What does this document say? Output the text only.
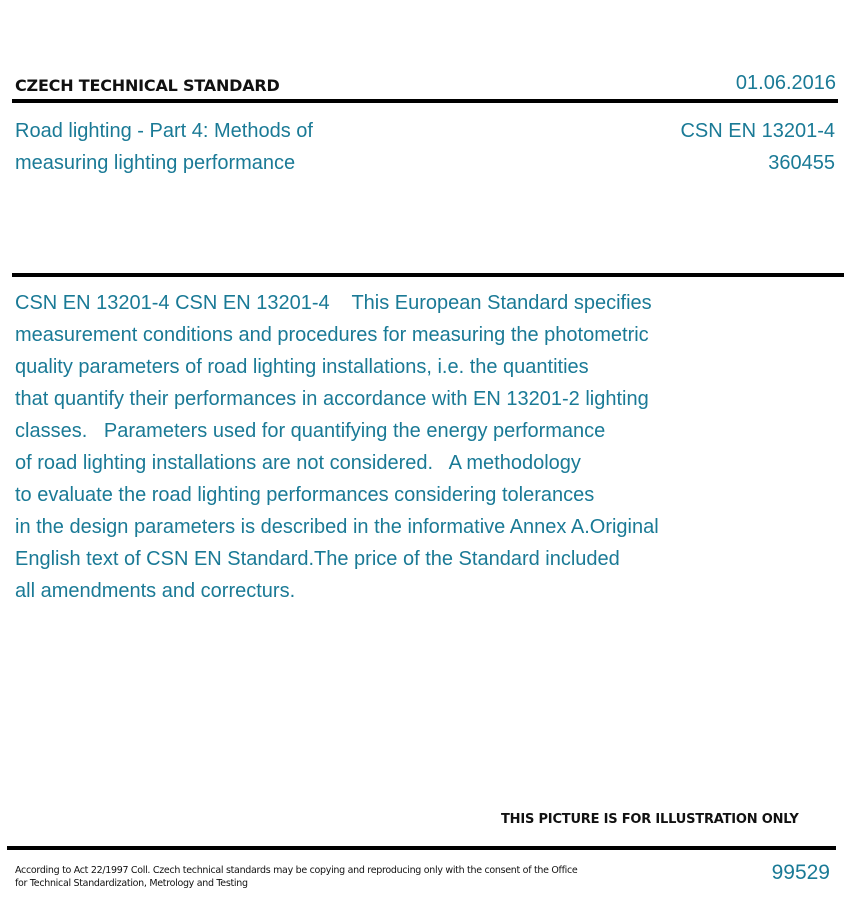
CZECH TECHNICAL STANDARD	01.06.2016
Road lighting - Part 4: Methods of
measuring lighting performance
CSN EN 13201-4
360455
CSN EN 13201-4 CSN EN 13201-4    This European Standard specifies
measurement conditions and procedures for measuring the photometric
quality parameters of road lighting installations, i.e. the quantities
that quantify their performances in accordance with EN 13201-2 lighting
classes.   Parameters used for quantifying the energy performance
of road lighting installations are not considered.   A methodology
to evaluate the road lighting performances considering tolerances
in the design parameters is described in the informative Annex A.Original
English text of CSN EN Standard.The price of the Standard included
all amendments and correcturs.
THIS PICTURE IS FOR ILLUSTRATION ONLY
According to Act 22/1997 Coll. Czech technical standards may be copying and reproducing only with the consent of the Office
for Technical Standardization, Metrology and Testing	99529
